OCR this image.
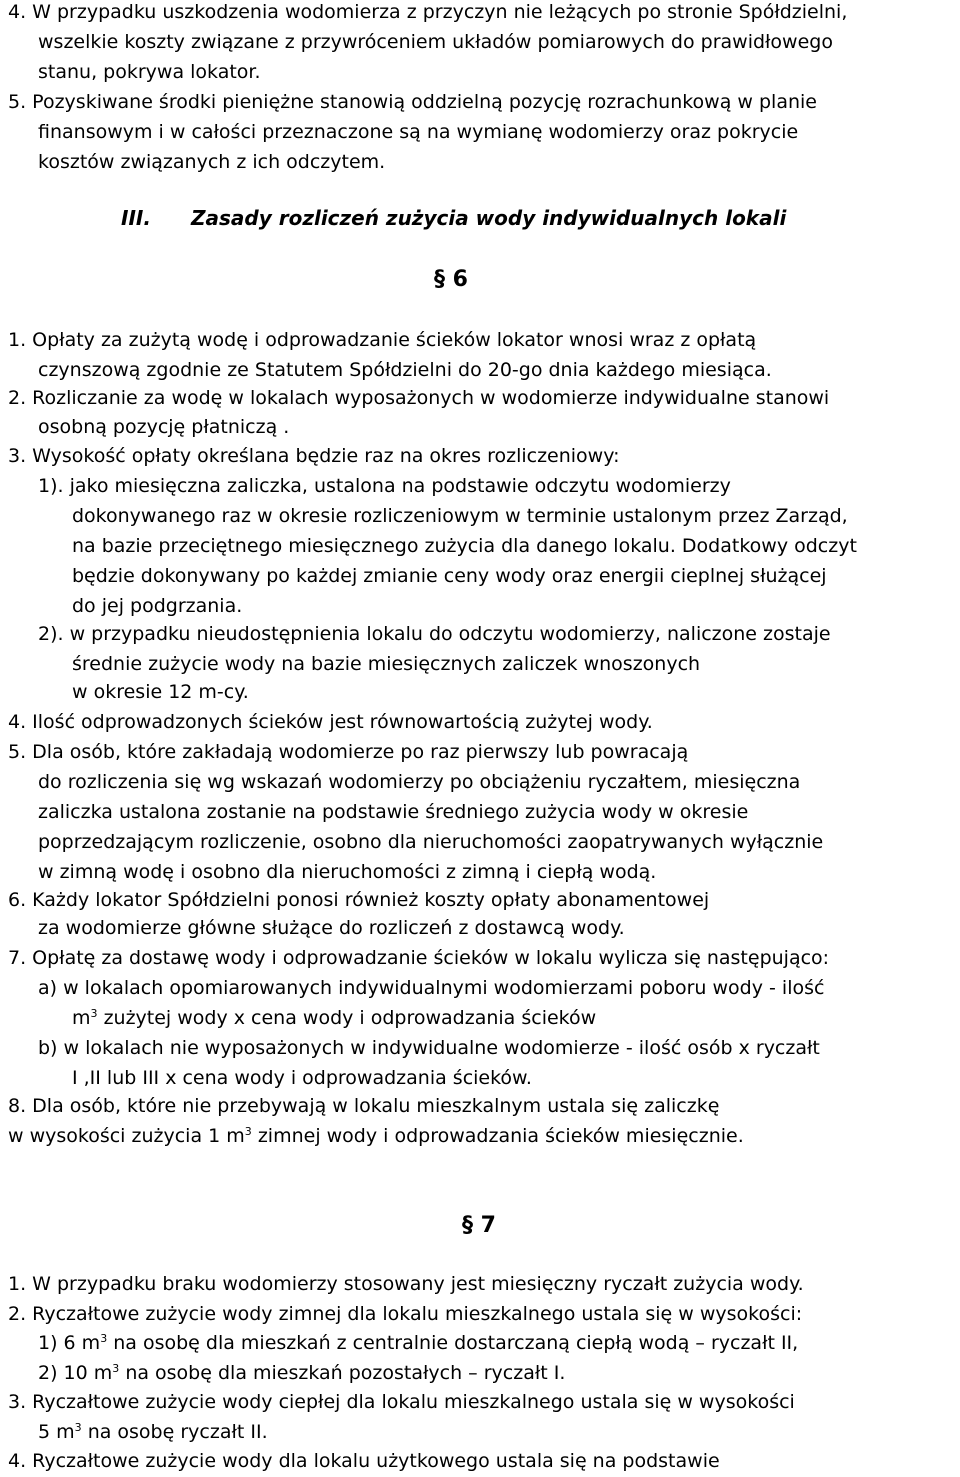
4. W przypadku uszkodzenia wodomierza z przyczyn nie leżących po stronie Spółdzielni,
wszelkie koszty związane z przywróceniem układów pomiarowych do prawidłowego
stanu, pokrywa lokator.
5. Pozyskiwane środki pieniężne stanowią oddzielną pozycję rozrachunkową w planie
finansowym i w całości przeznaczone są na wymianę wodomierzy oraz pokrycie
kosztów związanych z ich odczytem.
III. Zasady rozliczeń zużycia wody indywidualnych lokali
§ 6
1. Opłaty za zużytą wodę i odprowadzanie ścieków lokator wnosi wraz z opłatą
czynszową zgodnie ze Statutem Spółdzielni do 20-go dnia każdego miesiąca.
2. Rozliczanie za wodę w lokalach wyposażonych w wodomierze indywidualne stanowi
osobną pozycję płatniczą .
3. Wysokość opłaty określana będzie raz na okres rozliczeniowy:
1). jako miesięczna zaliczka, ustalona na podstawie odczytu wodomierzy
dokonywanego raz w okresie rozliczeniowym w terminie ustalonym przez Zarząd,
na bazie przeciętnego miesięcznego zużycia dla danego lokalu. Dodatkowy odczyt
będzie dokonywany po każdej zmianie ceny wody oraz energii cieplnej służącej
do jej podgrzania.
2). w przypadku nieudostępnienia lokalu do odczytu wodomierzy, naliczone zostaje
średnie zużycie wody na bazie miesięcznych zaliczek wnoszonych
w okresie 12 m-cy.
4. Ilość odprowadzonych ścieków jest równowartością zużytej wody.
5. Dla osób, które zakładają wodomierze po raz pierwszy lub powracają
do rozliczenia się wg wskazań wodomierzy po obciążeniu ryczałtem, miesięczna
zaliczka ustalona zostanie na podstawie średniego zużycia wody w okresie
poprzedzającym rozliczenie, osobno dla nieruchomości zaopatrywanych wyłącznie
w zimną wodę i osobno dla nieruchomości z zimną i ciepłą wodą.
6. Każdy lokator Spółdzielni ponosi również koszty opłaty abonamentowej
za wodomierze główne służące do rozliczeń z dostawcą wody.
7. Opłatę za dostawę wody i odprowadzanie ścieków w lokalu wylicza się następująco:
a) w lokalach opomiarowanych indywidualnymi wodomierzami poboru wody - ilość
$m^3$ zużytej wody x cena wody i odprowadzania ścieków
b) w lokalach nie wyposażonych w indywidualne wodomierze - ilość osób x ryczałt
I ,II lub III x cena wody i odprowadzania ścieków.
8. Dla osób, które nie przebywają w lokalu mieszkalnym ustala się zaliczkę
w wysokości zużycia 1 $m^3$ zimnej wody i odprowadzania ścieków miesięcznie.
§ 7
1. W przypadku braku wodomierzy stosowany jest miesięczny ryczałt zużycia wody.
2. Ryczałtowe zużycie wody zimnej dla lokalu mieszkalnego ustala się w wysokości:
1) 6 $m^3$ na osobę dla mieszkań z centralnie dostarczaną ciepłą wodą – ryczałt II,
2) 10 $m^3$ na osobę dla mieszkań pozostałych – ryczałt I.
3. Ryczałtowe zużycie wody ciepłej dla lokalu mieszkalnego ustala się w wysokości
5 $m^3$ na osobę ryczałt II.
4. Ryczałtowe zużycie wody dla lokalu użytkowego ustala się na podstawie
